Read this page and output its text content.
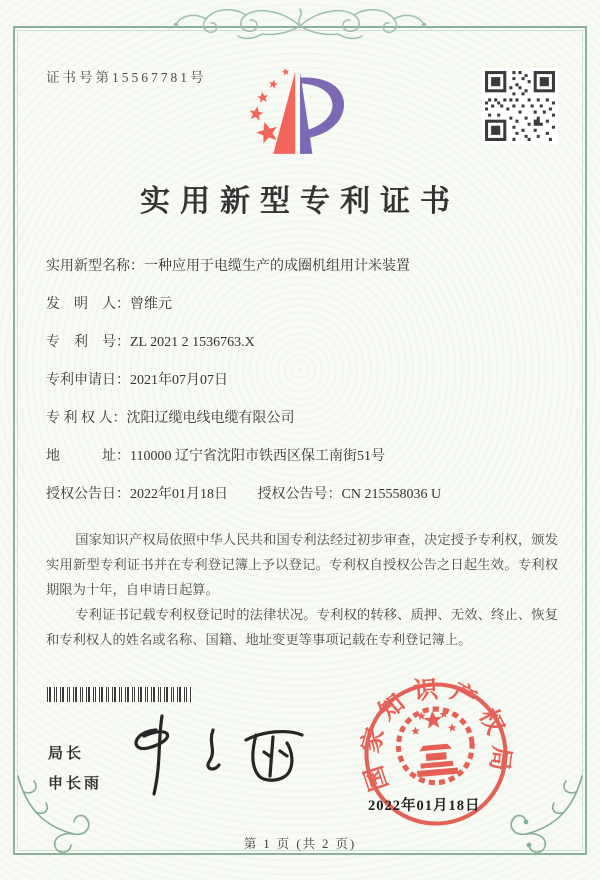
证书号第15567781号
实用新型专利证书
实用新型名称：一种应用于电缆生产的成圈机组用计米装置
发　明　人：曾维元
专　利　号：ZL 2021 2 1536763.X
专利申请日：2021年07月07日
专 利 权 人：沈阳辽缆电线电缆有限公司
地　　　址：110000 辽宁省沈阳市铁西区保工南街51号
授权公告日：2022年01月18日 授权公告号：CN 215558036 U

国家知识产权局依照中华人民共和国专利法经过初步审查，决定授予专利权，颁发实用新型专利证书并在专利登记簿上予以登记。专利权自授权公告之日起生效。专利权期限为十年，自申请日起算。

专利证书记载专利权登记时的法律状况。专利权的转移、质押、无效、终止、恢复和专利权人的姓名或名称、国籍、地址变更等事项记载在专利登记簿上。

局长
申长雨	国家知识产权局
2022年01月18日
第 1 页 (共 2 页)
